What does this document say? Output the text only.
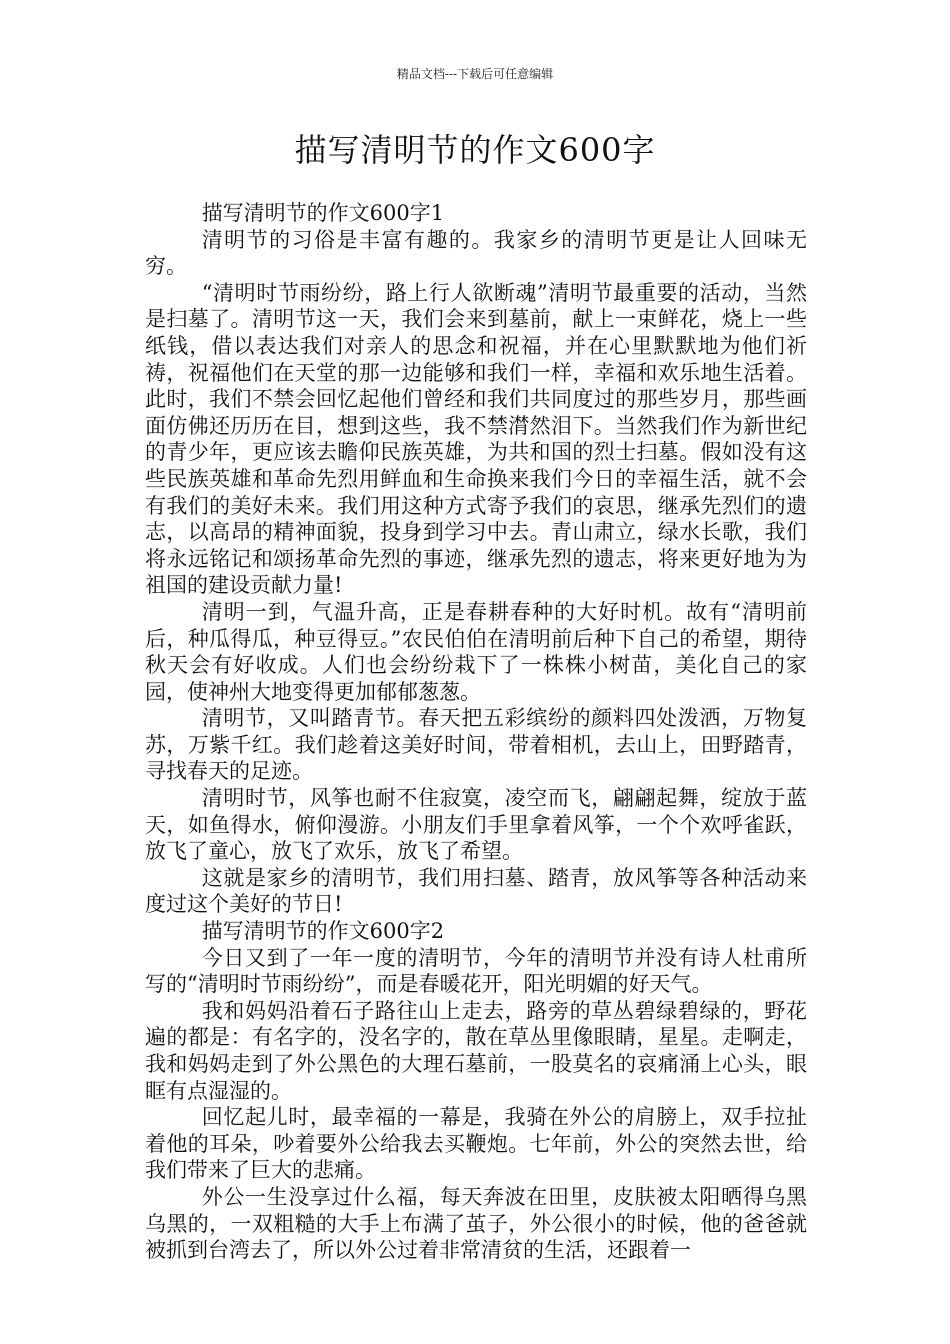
精品文档---下载后可任意编辑
描写清明节的作文600字

描写清明节的作文600字1

清明节的习俗是丰富有趣的。我家乡的清明节更是让人回味无穷。

“清明时节雨纷纷，路上行人欲断魂”清明节最重要的活动，当然是扫墓了。清明节这一天，我们会来到墓前，献上一束鲜花，烧上一些纸钱，借以表达我们对亲人的思念和祝福，并在心里默默地为他们祈祷，祝福他们在天堂的那一边能够和我们一样，幸福和欢乐地生活着。此时，我们不禁会回忆起他们曾经和我们共同度过的那些岁月，那些画面仿佛还历历在目，想到这些，我不禁潸然泪下。当然我们作为新世纪的青少年，更应该去瞻仰民族英雄，为共和国的烈士扫墓。假如没有这些民族英雄和革命先烈用鲜血和生命换来我们今日的幸福生活，就不会有我们的美好未来。我们用这种方式寄予我们的哀思，继承先烈们的遗志，以高昂的精神面貌，投身到学习中去。青山肃立，绿水长歌，我们将永远铭记和颂扬革命先烈的事迹，继承先烈的遗志，将来更好地为为祖国的建设贡献力量!

清明一到，气温升高，正是春耕春种的大好时机。故有“清明前后，种瓜得瓜，种豆得豆。”农民伯伯在清明前后种下自己的希望，期待秋天会有好收成。人们也会纷纷栽下了一株株小树苗，美化自己的家园，使神州大地变得更加郁郁葱葱。

清明节，又叫踏青节。春天把五彩缤纷的颜料四处泼洒，万物复苏，万紫千红。我们趁着这美好时间，带着相机，去山上，田野踏青，寻找春天的足迹。

清明时节，风筝也耐不住寂寞，凌空而飞，翩翩起舞，绽放于蓝天，如鱼得水，俯仰漫游。小朋友们手里拿着风筝，一个个欢呼雀跃，放飞了童心，放飞了欢乐，放飞了希望。

这就是家乡的清明节，我们用扫墓、踏青，放风筝等各种活动来度过这个美好的节日!

描写清明节的作文600字2

今日又到了一年一度的清明节，今年的清明节并没有诗人杜甫所写的“清明时节雨纷纷”，而是春暖花开，阳光明媚的好天气。

我和妈妈沿着石子路往山上走去，路旁的草丛碧绿碧绿的，野花遍的都是：有名字的，没名字的，散在草丛里像眼睛，星星。走啊走，我和妈妈走到了外公黑色的大理石墓前，一股莫名的哀痛涌上心头，眼眶有点湿湿的。

回忆起儿时，最幸福的一幕是，我骑在外公的肩膀上，双手拉扯着他的耳朵，吵着要外公给我去买鞭炮。七年前，外公的突然去世，给我们带来了巨大的悲痛。

外公一生没享过什么福，每天奔波在田里，皮肤被太阳晒得乌黑乌黑的，一双粗糙的大手上布满了茧子，外公很小的时候，他的爸爸就被抓到台湾去了，所以外公过着非常清贫的生活，还跟着一
